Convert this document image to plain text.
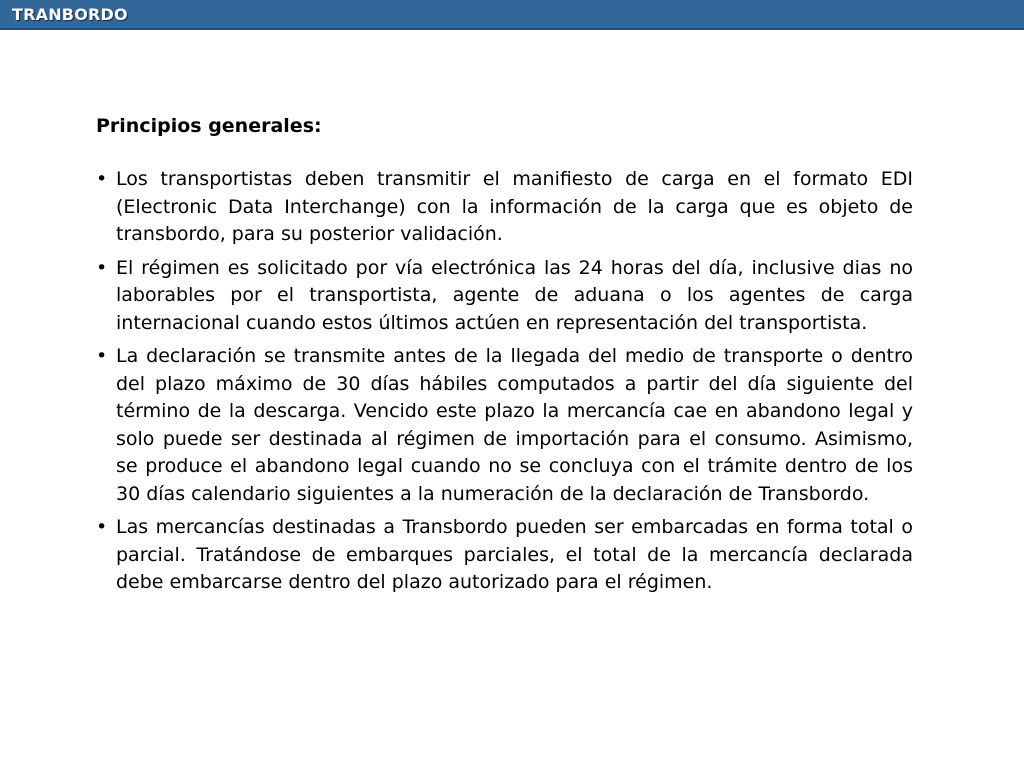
TRANBORDO
Principios generales:
• Los transportistas deben transmitir el manifiesto de carga en el formato EDI (Electronic Data Interchange) con la información de la carga que es objeto de transbordo, para su posterior validación.
• El régimen es solicitado por vía electrónica las 24 horas del día, inclusive dias no laborables por el transportista, agente de aduana o los agentes de carga internacional cuando estos últimos actúen en representación del transportista.
• La declaración se transmite antes de la llegada del medio de transporte o dentro del plazo máximo de 30 días hábiles computados a partir del día siguiente del término de la descarga. Vencido este plazo la mercancía cae en abandono legal y solo puede ser destinada al régimen de importación para el consumo. Asimismo, se produce el abandono legal cuando no se concluya con el trámite dentro de los 30 días calendario siguientes a la numeración de la declaración de Transbordo.
• Las mercancías destinadas a Transbordo pueden ser embarcadas en forma total o parcial. Tratándose de embarques parciales, el total de la mercancía declarada debe embarcarse dentro del plazo autorizado para el régimen.
